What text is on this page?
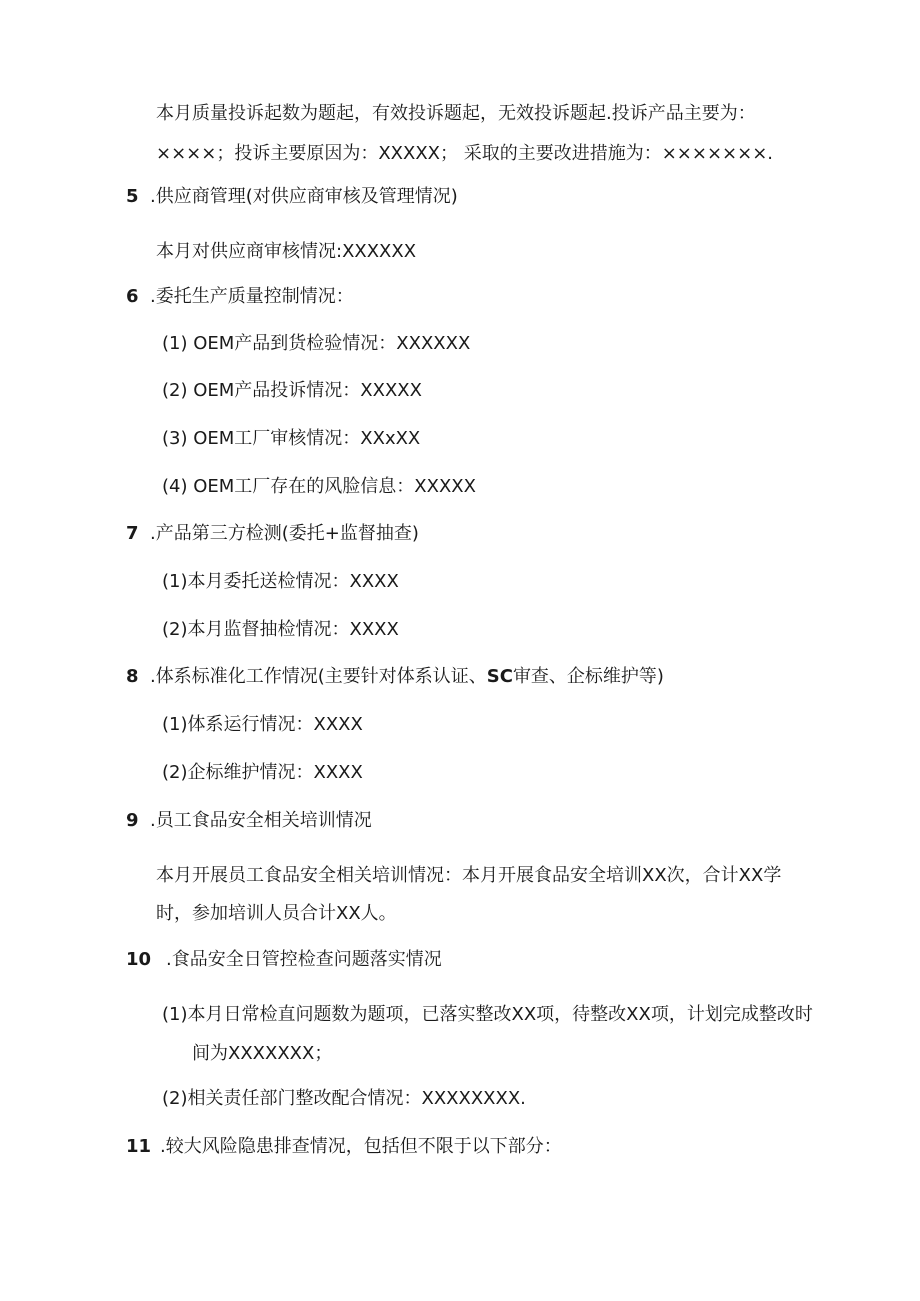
本月质量投诉起数为题起，有效投诉题起，无效投诉题起.投诉产品主要为：
××××；投诉主要原因为：XXXXX； 采取的主要改进措施为：×××××××.
5 .供应商管理(对供应商审核及管理情况)
本月对供应商审核情况:XXXXXX
6 .委托生产质量控制情况：
(1) OEM产品到货检验情况：XXXXXX
(2) OEM产品投诉情况：XXXXX
(3) OEM工厂审核情况：XXxXX
(4) OEM工厂存在的风脸信息：XXXXX
7 .产品第三方检测(委托+监督抽查)
(1)本月委托送检情况：XXXX
(2)本月监督抽检情况：XXXX
8 .体系标准化工作情况(主要针对体系认证、SC审查、企标维护等)
(1)体系运行情况：XXXX
(2)企标维护情况：XXXX
9 .员工食品安全相关培训情况
本月开展员工食品安全相关培训情况：本月开展食品安全培训XX次，合计XX学
时，参加培训人员合计XX人。
10 .食品安全日管控检查问题落实情况
(1)本月日常检直问题数为题项，已落实整改XX项，待整改XX项，计划完成整改时
间为XXXXXXX；
(2)相关责任部门整改配合情况：XXXXXXXX.
11 .较大风险隐患排查情况，包括但不限于以下部分：
